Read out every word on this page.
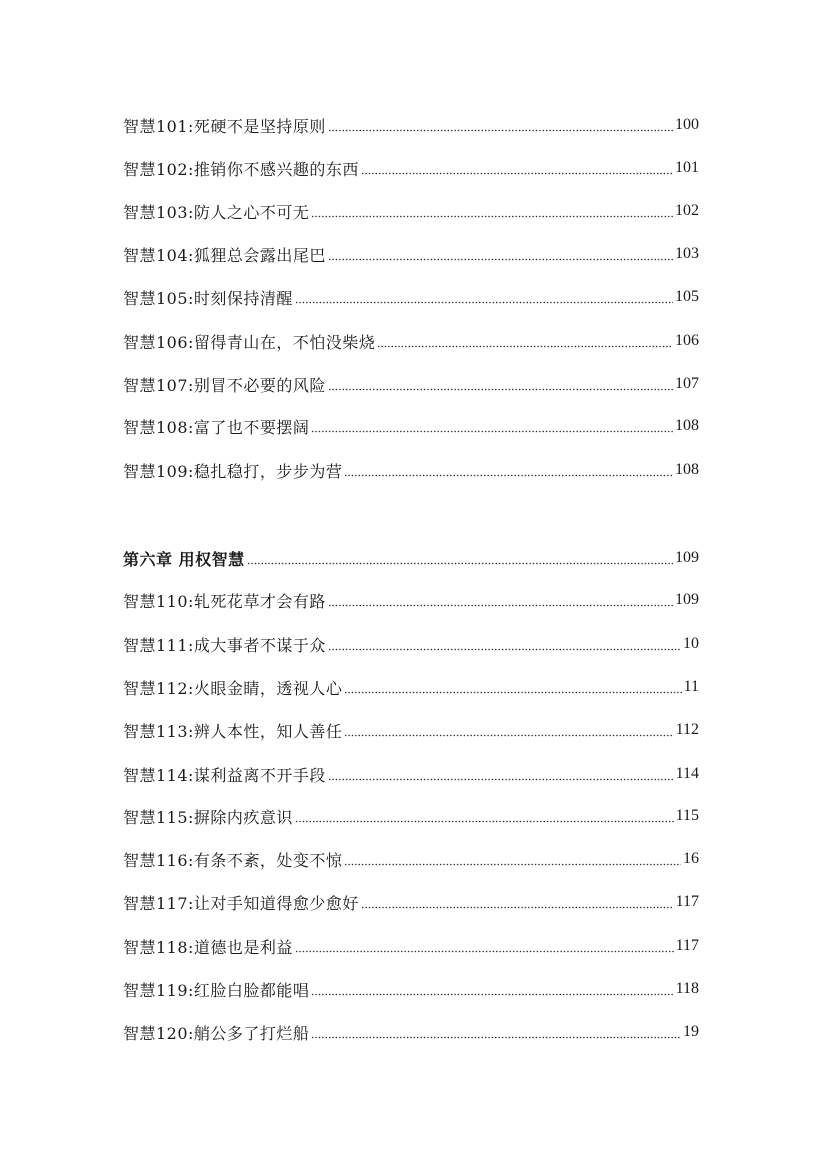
智慧101:死硬不是坚持原则	100
智慧102:推销你不感兴趣的东西	101
智慧103:防人之心不可无	102
智慧104:狐狸总会露出尾巴	103
智慧105:时刻保持清醒	105
智慧106:留得青山在，不怕没柴烧	106
智慧107:别冒不必要的风险	107
智慧108:富了也不要摆阔	108
智慧109:稳扎稳打，步步为营	108
第六章 用权智慧	109
智慧110:轧死花草才会有路	109
智慧111:成大事者不谋于众	10
智慧112:火眼金睛，透视人心	11
智慧113:辨人本性，知人善任	112
智慧114:谋利益离不开手段	114
智慧115:摒除内疚意识	115
智慧116:有条不紊，处变不惊	16
智慧117:让对手知道得愈少愈好	117
智慧118:道德也是利益	117
智慧119:红脸白脸都能唱	118
智慧120:艄公多了打烂船	19
